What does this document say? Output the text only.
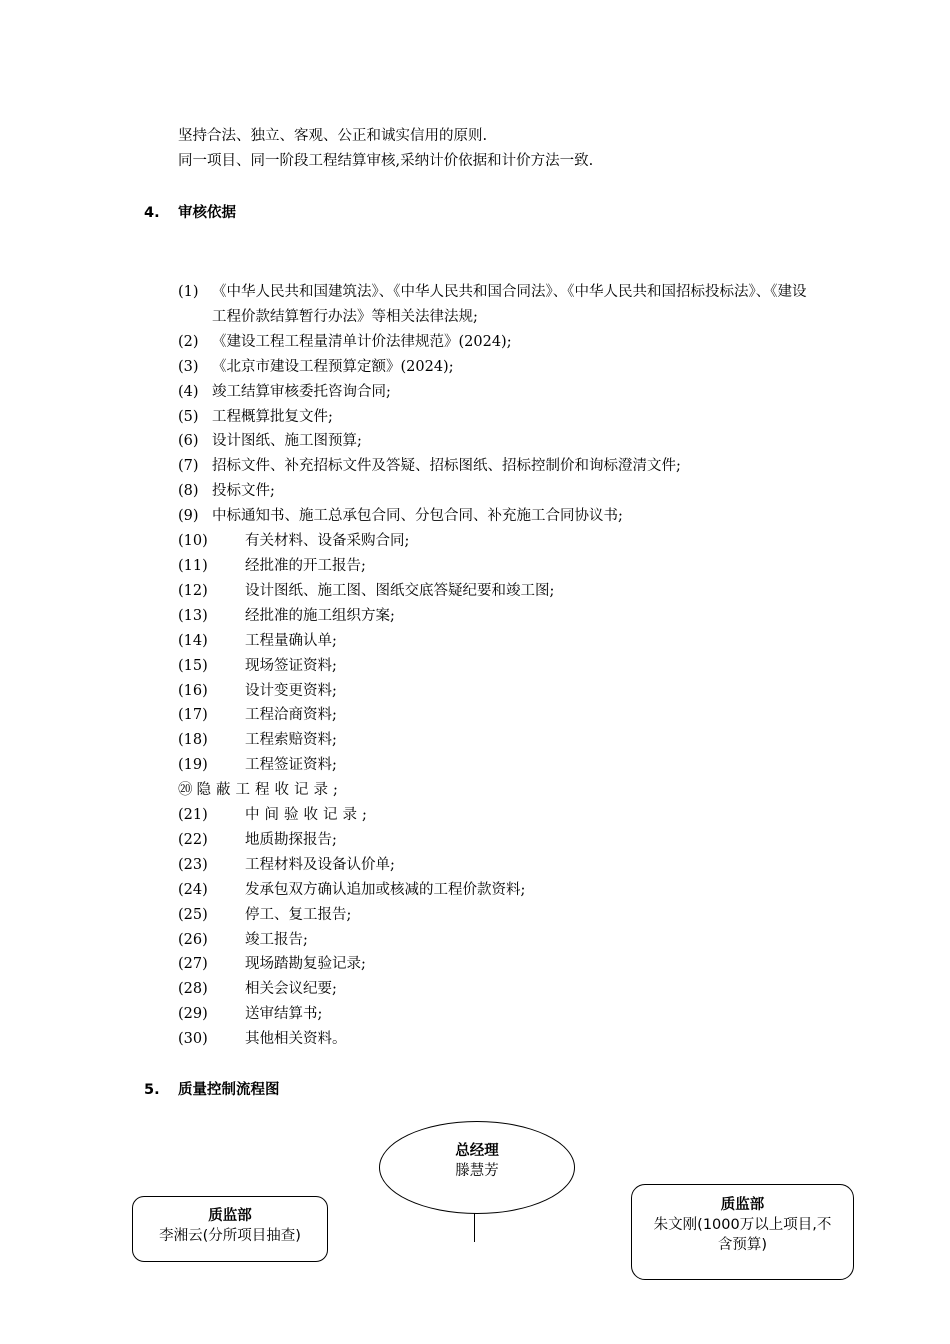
坚持合法、独立、客观、公正和诚实信用的原则.
同一项目、同一阶段工程结算审核,采纳计价依据和计价方法一致.
4. 审核依据
(1) 《中华人民共和国建筑法》、《中华人民共和国合同法》、《中华人民共和国招标投标法》、《建设工程价款结算暂行办法》等相关法律法规;
(2) 《建设工程工程量清单计价法律规范》(2024);
(3) 《北京市建设工程预算定额》(2024);
(4) 竣工结算审核委托咨询合同;
(5) 工程概算批复文件;
(6) 设计图纸、施工图预算;
(7) 招标文件、补充招标文件及答疑、招标图纸、招标控制价和询标澄清文件;
(8) 投标文件;
(9) 中标通知书、施工总承包合同、分包合同、补充施工合同协议书;
(10)	有关材料、设备采购合同;
(11)	经批准的开工报告;
(12)	设计图纸、施工图、图纸交底答疑纪要和竣工图;
(13)	经批准的施工组织方案;
(14)	工程量确认单;
(15)	现场签证资料;
(16)	设计变更资料;
(17)	工程洽商资料;
(18)	工程索赔资料;
(19)	工程签证资料;
⑳ 隐蔽工程收记录;
(21)	中间验收记录;
(22)	地质勘探报告;
(23)	工程材料及设备认价单;
(24)	发承包双方确认追加或核减的工程价款资料;
(25)	停工、复工报告;
(26)	竣工报告;
(27)	现场踏勘复验记录;
(28)	相关会议纪要;
(29)	送审结算书;
(30)	其他相关资料。
5. 质量控制流程图
总经理
滕慧芳
质监部
李湘云(分所项目抽查)
质监部
朱文刚(1000万以上项目,不含预算)
